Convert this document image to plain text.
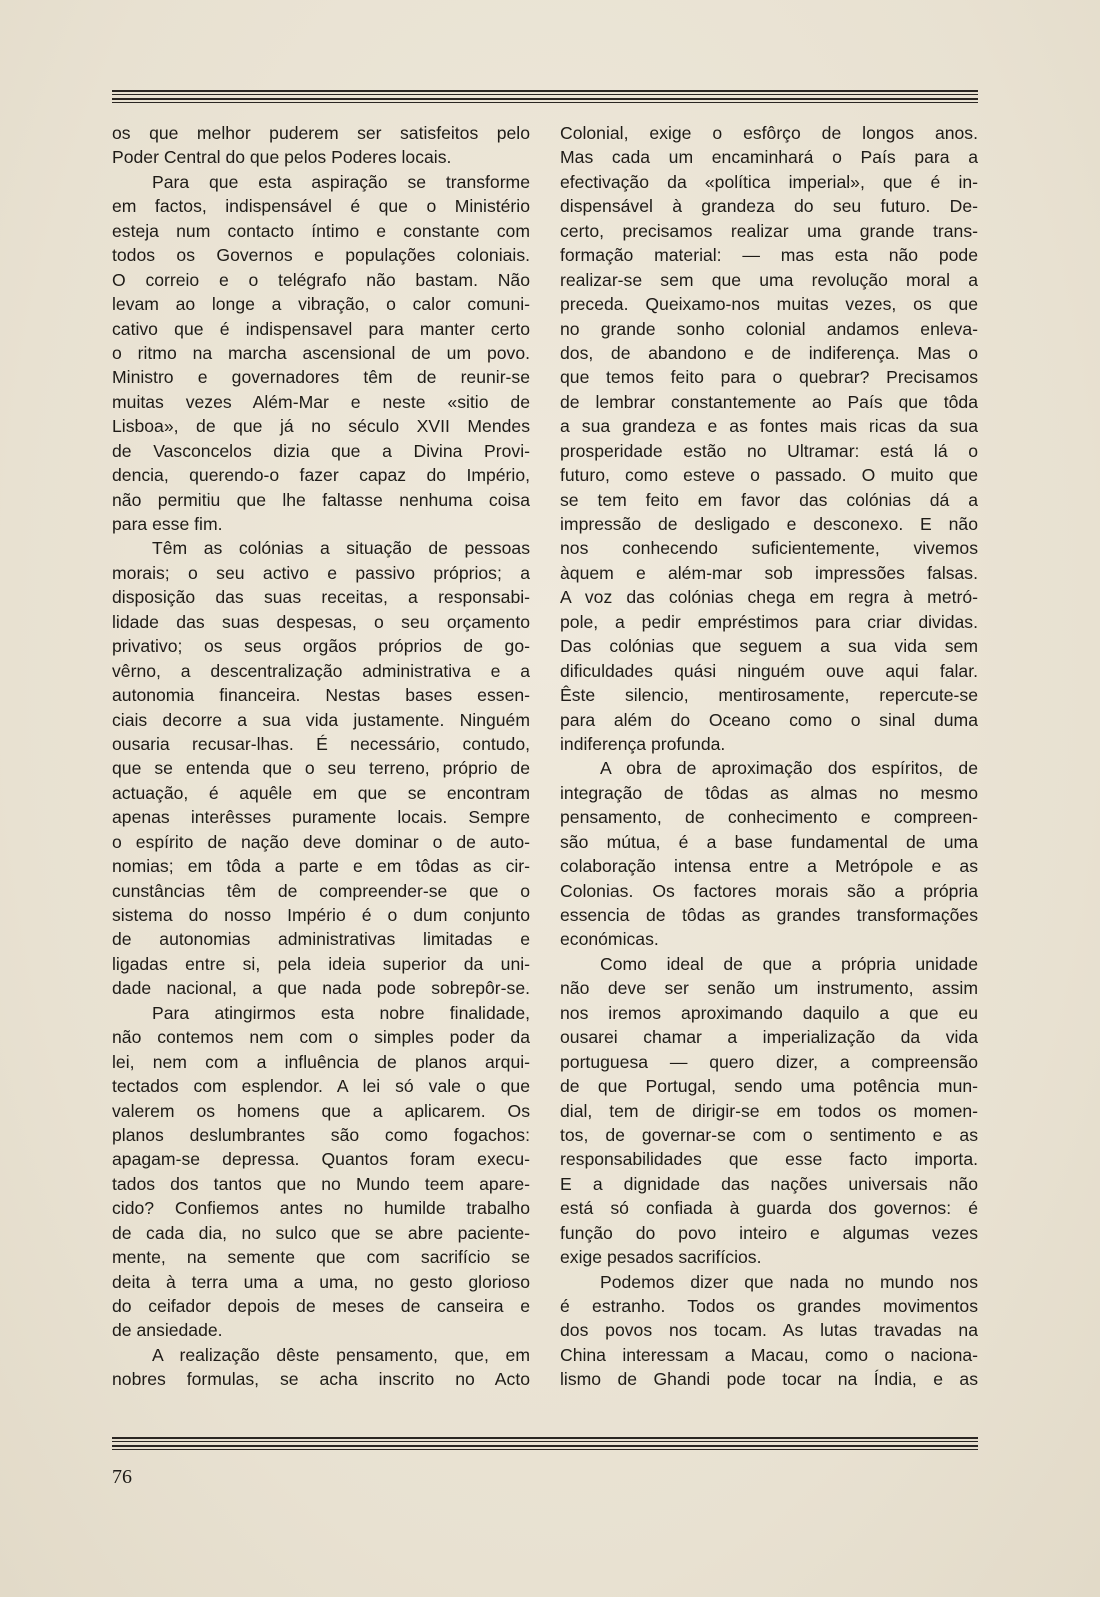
os que melhor puderem ser satisfeitos pelo
Poder Central do que pelos Poderes locais.
Para que esta aspiração se transforme
em factos, indispensável é que o Ministério
esteja num contacto íntimo e constante com
todos os Governos e populações coloniais.
O correio e o telégrafo não bastam. Não
levam ao longe a vibração, o calor comuni-
cativo que é indispensavel para manter certo
o ritmo na marcha ascensional de um povo.
Ministro e governadores têm de reunir-se
muitas vezes Além-Mar e neste «sitio de
Lisboa», de que já no século XVII Mendes
de Vasconcelos dizia que a Divina Provi-
dencia, querendo-o fazer capaz do Império,
não permitiu que lhe faltasse nenhuma coisa
para esse fim.
Têm as colónias a situação de pessoas
morais; o seu activo e passivo próprios; a
disposição das suas receitas, a responsabi-
lidade das suas despesas, o seu orçamento
privativo; os seus orgãos próprios de go-
vêrno, a descentralização administrativa e a
autonomia financeira. Nestas bases essen-
ciais decorre a sua vida justamente. Ninguém
ousaria recusar-lhas. É necessário, contudo,
que se entenda que o seu terreno, próprio de
actuação, é aquêle em que se encontram
apenas interêsses puramente locais. Sempre
o espírito de nação deve dominar o de auto-
nomias; em tôda a parte e em tôdas as cir-
cunstâncias têm de compreender-se que o
sistema do nosso Império é o dum conjunto
de autonomias administrativas limitadas e
ligadas entre si, pela ideia superior da uni-
dade nacional, a que nada pode sobrepôr-se.
Para atingirmos esta nobre finalidade,
não contemos nem com o simples poder da
lei, nem com a influência de planos arqui-
tectados com esplendor. A lei só vale o que
valerem os homens que a aplicarem. Os
planos deslumbrantes são como fogachos:
apagam-se depressa. Quantos foram execu-
tados dos tantos que no Mundo teem apare-
cido? Confiemos antes no humilde trabalho
de cada dia, no sulco que se abre paciente-
mente, na semente que com sacrifício se
deita à terra uma a uma, no gesto glorioso
do ceifador depois de meses de canseira e
de ansiedade.
A realização dêste pensamento, que, em
nobres formulas, se acha inscrito no Acto
Colonial, exige o esfôrço de longos anos.
Mas cada um encaminhará o País para a
efectivação da «política imperial», que é in-
dispensável à grandeza do seu futuro. De-
certo, precisamos realizar uma grande trans-
formação material: — mas esta não pode
realizar-se sem que uma revolução moral a
preceda. Queixamo-nos muitas vezes, os que
no grande sonho colonial andamos enleva-
dos, de abandono e de indiferença. Mas o
que temos feito para o quebrar? Precisamos
de lembrar constantemente ao País que tôda
a sua grandeza e as fontes mais ricas da sua
prosperidade estão no Ultramar: está lá o
futuro, como esteve o passado. O muito que
se tem feito em favor das colónias dá a
impressão de desligado e desconexo. E não
nos conhecendo suficientemente, vivemos
àquem e além-mar sob impressões falsas.
A voz das colónias chega em regra à metró-
pole, a pedir empréstimos para criar dividas.
Das colónias que seguem a sua vida sem
dificuldades quási ninguém ouve aqui falar.
Êste silencio, mentirosamente, repercute-se
para além do Oceano como o sinal duma
indiferença profunda.
A obra de aproximação dos espíritos, de
integração de tôdas as almas no mesmo
pensamento, de conhecimento e compreen-
são mútua, é a base fundamental de uma
colaboração intensa entre a Metrópole e as
Colonias. Os factores morais são a própria
essencia de tôdas as grandes transformações
económicas.
Como ideal de que a própria unidade
não deve ser senão um instrumento, assim
nos iremos aproximando daquilo a que eu
ousarei chamar a imperialização da vida
portuguesa — quero dizer, a compreensão
de que Portugal, sendo uma potência mun-
dial, tem de dirigir-se em todos os momen-
tos, de governar-se com o sentimento e as
responsabilidades que esse facto importa.
E a dignidade das nações universais não
está só confiada à guarda dos governos: é
função do povo inteiro e algumas vezes
exige pesados sacrifícios.
Podemos dizer que nada no mundo nos
é estranho. Todos os grandes movimentos
dos povos nos tocam. As lutas travadas na
China interessam a Macau, como o naciona-
lismo de Ghandi pode tocar na Índia, e as
76
